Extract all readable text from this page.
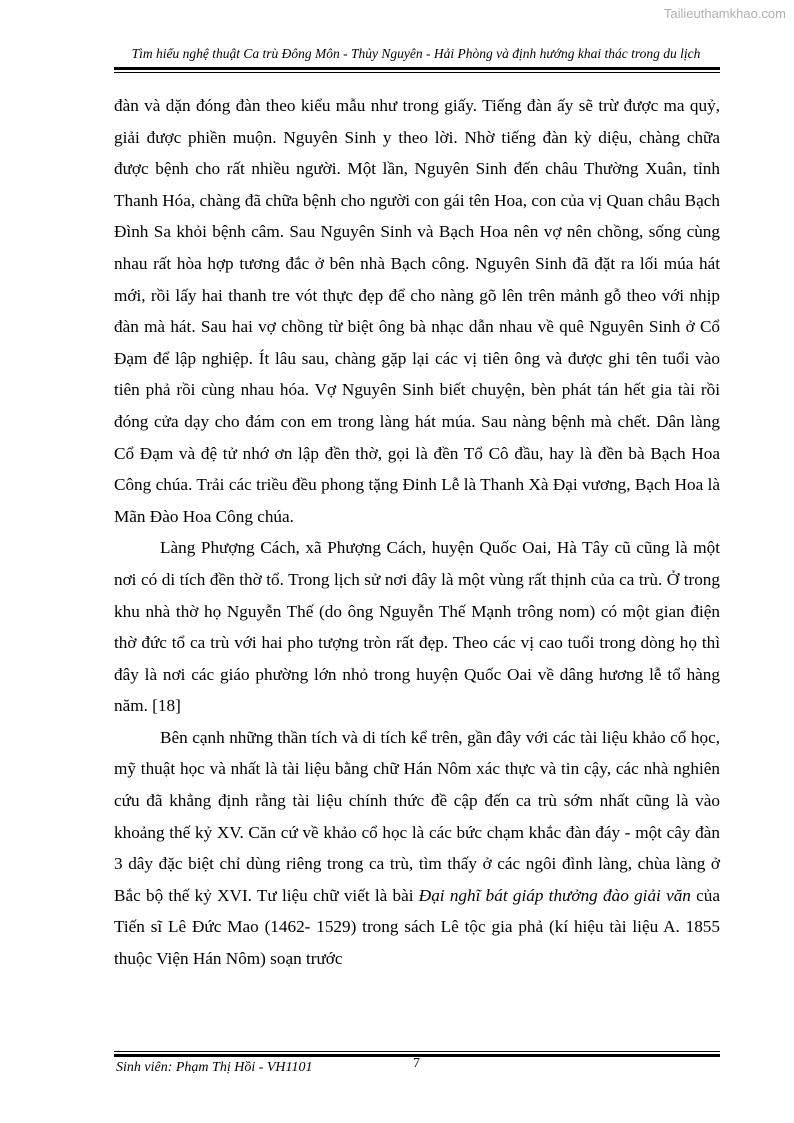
Tailieuthamkhao.com
Tìm hiểu nghệ thuật Ca trù Đông Môn - Thủy Nguyên - Hải Phòng và định hướng khai thác trong du lịch

đàn và dặn đóng đàn theo kiểu mẫu như trong giấy. Tiếng đàn ấy sẽ trừ được ma quỷ, giải được phiền muộn. Nguyên Sinh y theo lời. Nhờ tiếng đàn kỳ diệu, chàng chữa được bệnh cho rất nhiều người. Một lần, Nguyên Sinh đến châu Thường Xuân, tỉnh Thanh Hóa, chàng đã chữa bệnh cho người con gái tên Hoa, con của vị Quan châu Bạch Đình Sa khỏi bệnh câm. Sau Nguyên Sinh và Bạch Hoa nên vợ nên chồng, sống cùng nhau rất hòa hợp tương đắc ở bên nhà Bạch công. Nguyên Sinh đã đặt ra lối múa hát mới, rồi lấy hai thanh tre vót thực đẹp để cho nàng gõ lên trên mảnh gỗ theo với nhịp đàn mà hát. Sau hai vợ chồng từ biệt ông bà nhạc dẫn nhau về quê Nguyên Sinh ở Cổ Đạm để lập nghiệp. Ít lâu sau, chàng gặp lại các vị tiên ông và được ghi tên tuổi vào tiên phả rồi cùng nhau hóa. Vợ Nguyên Sinh biết chuyện, bèn phát tán hết gia tài rồi đóng cửa dạy cho đám con em trong làng hát múa. Sau nàng bệnh mà chết. Dân làng Cổ Đạm và đệ tử nhớ ơn lập đền thờ, gọi là đền Tổ Cô đầu, hay là đền bà Bạch Hoa Công chúa. Trải các triều đều phong tặng Đinh Lễ là Thanh Xà Đại vương, Bạch Hoa là Mãn Đào Hoa Công chúa.

Làng Phượng Cách, xã Phượng Cách, huyện Quốc Oai, Hà Tây cũ cũng là một nơi có di tích đền thờ tổ. Trong lịch sử nơi đây là một vùng rất thịnh của ca trù. Ở trong khu nhà thờ họ Nguyễn Thế (do ông Nguyễn Thế Mạnh trông nom) có một gian điện thờ đức tổ ca trù với hai pho tượng tròn rất đẹp. Theo các vị cao tuổi trong dòng họ thì đây là nơi các giáo phường lớn nhỏ trong huyện Quốc Oai về dâng hương lễ tổ hàng năm. [18]

Bên cạnh những thần tích và di tích kể trên, gần đây với các tài liệu khảo cổ học, mỹ thuật học và nhất là tài liệu bằng chữ Hán Nôm xác thực và tin cậy, các nhà nghiên cứu đã khẳng định rằng tài liệu chính thức đề cập đến ca trù sớm nhất cũng là vào khoảng thế kỷ XV. Căn cứ về khảo cổ học là các bức chạm khắc đàn đáy - một cây đàn 3 dây đặc biệt chỉ dùng riêng trong ca trù, tìm thấy ở các ngôi đình làng, chùa làng ở Bắc bộ thế kỷ XVI. Tư liệu chữ viết là bài Đại nghĩ bát giáp thưởng đào giải văn của Tiến sĩ Lê Đức Mao (1462- 1529) trong sách Lê tộc gia phả (kí hiệu tài liệu A. 1855 thuộc Viện Hán Nôm) soạn trước

Sinh viên: Phạm Thị Hồi - VH1101	7
